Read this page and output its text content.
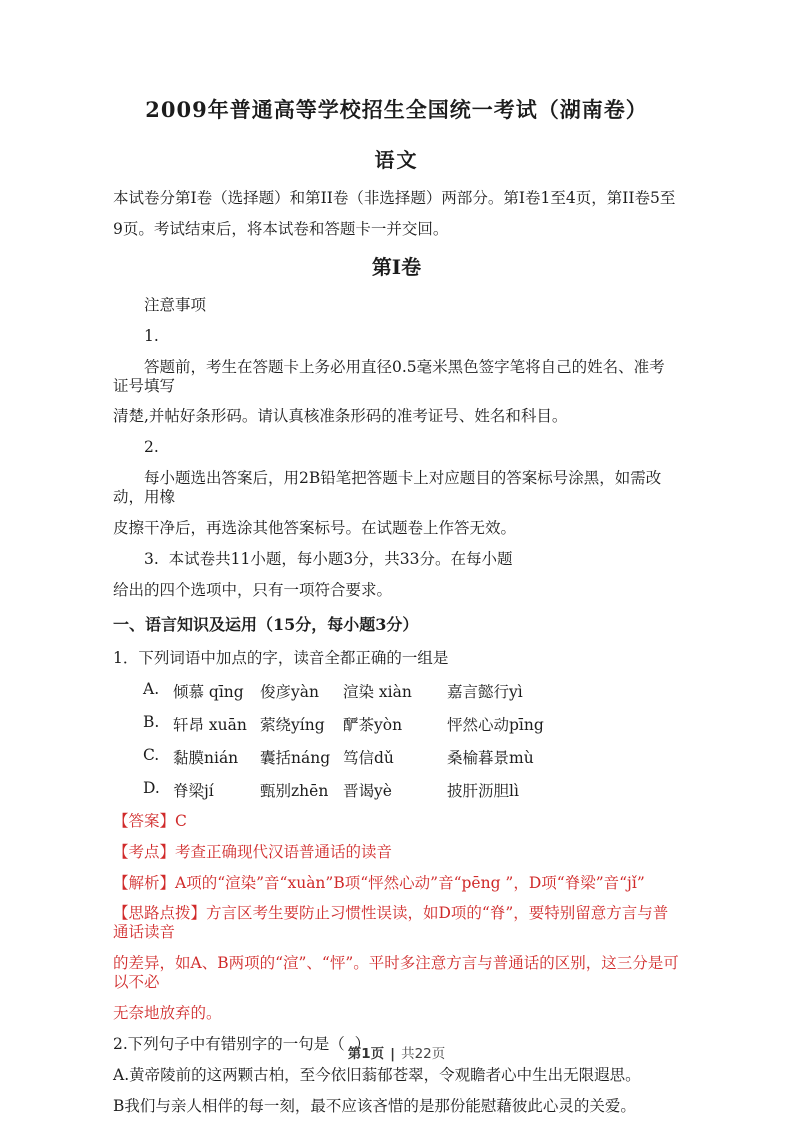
2009年普通高等学校招生全国统一考试（湖南卷）
语文

本试卷分第I卷（选择题）和第II卷（非选择题）两部分。第I卷1至4页，第II卷5至

9页。考试结束后，将本试卷和答题卡一并交回。

第I卷

注意事项

1.

答题前，考生在答题卡上务必用直径0.5毫米黑色签字笔将自己的姓名、准考证号填写

清楚,并帖好条形码。请认真核准条形码的准考证号、姓名和科目。

2.

每小题选出答案后，用2B铅笔把答题卡上对应题目的答案标号涂黑，如需改动，用橡

皮擦干净后，再选涂其他答案标号。在试题卷上作答无效。

3.  本试卷共11小题，每小题3分，共33分。在每小题

给出的四个选项中，只有一项符合要求。

一、语言知识及运用（15分，每小题3分）

1．下列词语中加点的字，读音全都正确的一组是

A. 倾慕 qīng 俊彦yàn 渲染 xiàn 嘉言懿行yì
B. 轩昂 xuān 萦绕yíng 酽茶yòn	怦然心动pīng
C. 黏膜nián 囊括náng 笃信dǔ	桑榆暮景mù
D. 脊梁jí	甄别zhēn 晋谒yè	披肝沥胆lì

【答案】C

【考点】考查正确现代汉语普通话的读音

【解析】A项的“渲染”音“xuàn”B项“怦然心动”音“pēng ”，D项“脊梁”音“jǐ”

【思路点拨】方言区考生要防止习惯性误读，如D项的“脊”，要特别留意方言与普通话读音

的差异，如A、B两项的“渲”、“怦”。平时多注意方言与普通话的区别，这三分是可以不必

无奈地放弃的。

2.下列句子中有错别字的一句是（  ）

A.黄帝陵前的这两颗古柏，至今依旧蓊郁苍翠，令观瞻者心中生出无限遐思。

B我们与亲人相伴的每一刻，最不应该吝惜的是那份能慰藉彼此心灵的关爱。

第1页 | 共22页
